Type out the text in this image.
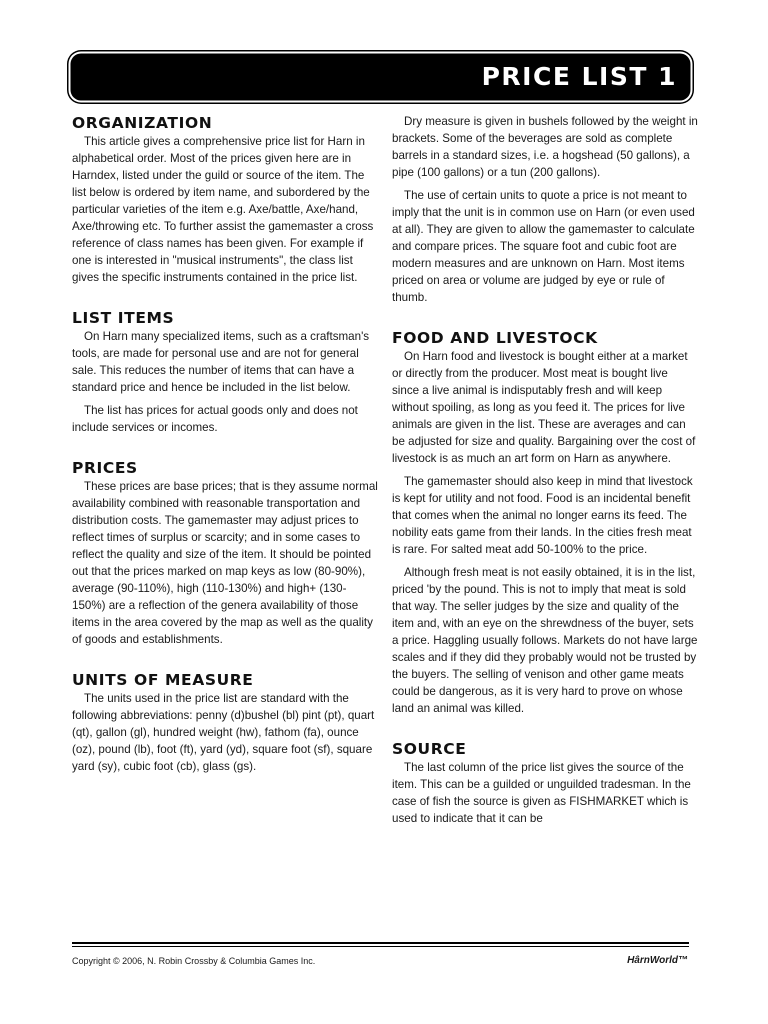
PRICE LIST 1
ORGANIZATION

This article gives a comprehensive price list for Harn in alphabetical order. Most of the prices given here are in Harndex, listed under the guild or source of the item. The list below is ordered by item name, and subordered by the particular varieties of the item e.g. Axe/battle, Axe/hand, Axe/throwing etc. To further assist the gamemaster a cross reference of class names has been given. For example if one is interested in "musical instruments", the class list gives the specific instruments contained in the price list.

LIST ITEMS

On Harn many specialized items, such as a craftsman's tools, are made for personal use and are not for general sale. This reduces the number of items that can have a standard price and hence be included in the list below.

The list has prices for actual goods only and does not include services or incomes.

PRICES

These prices are base prices; that is they assume normal availability combined with reasonable transportation and distribution costs. The gamemaster may adjust prices to reflect times of surplus or scarcity; and in some cases to reflect the quality and size of the item. It should be pointed out that the prices marked on map keys as low (80-90%), average (90-110%), high (110-130%) and high+ (130-150%) are a reflection of the genera availability of those items in the area covered by the map as well as the quality of goods and establishments.

UNITS OF MEASURE

The units used in the price list are standard with the following abbreviations: penny (d)bushel (bl) pint (pt), quart (qt), gallon (gl), hundred weight (hw), fathom (fa), ounce (oz), pound (lb), foot (ft), yard (yd), square foot (sf), square yard (sy), cubic foot (cb), glass (gs).

Dry measure is given in bushels followed by the weight in brackets. Some of the beverages are sold as complete barrels in a standard sizes, i.e. a hogshead (50 gallons), a pipe (100 gallons) or a tun (200 gallons).

The use of certain units to quote a price is not meant to imply that the unit is in common use on Harn (or even used at all). They are given to allow the gamemaster to calculate and compare prices. The square foot and cubic foot are modern measures and are unknown on Harn. Most items priced on area or volume are judged by eye or rule of thumb.

FOOD AND LIVESTOCK

On Harn food and livestock is bought either at a market or directly from the producer. Most meat is bought live since a live animal is indisputably fresh and will keep without spoiling, as long as you feed it. The prices for live animals are given in the list. These are averages and can be adjusted for size and quality. Bargaining over the cost of livestock is as much an art form on Harn as anywhere.

The gamemaster should also keep in mind that livestock is kept for utility and not food. Food is an incidental benefit that comes when the animal no longer earns its feed. The nobility eats game from their lands. In the cities fresh meat is rare. For salted meat add 50-100% to the price.

Although fresh meat is not easily obtained, it is in the list, priced 'by the pound. This is not to imply that meat is sold that way. The seller judges by the size and quality of the item and, with an eye on the shrewdness of the buyer, sets a price. Haggling usually follows. Markets do not have large scales and if they did they probably would not be trusted by the buyers. The selling of venison and other game meats could be dangerous, as it is very hard to prove on whose land an animal was killed.

SOURCE

The last column of the price list gives the source of the item. This can be a guilded or unguilded tradesman. In the case of fish the source is given as FISHMARKET which is used to indicate that it can be

Copyright © 2006, N. Robin Crossby & Columbia Games Inc.	HârnWorld™
